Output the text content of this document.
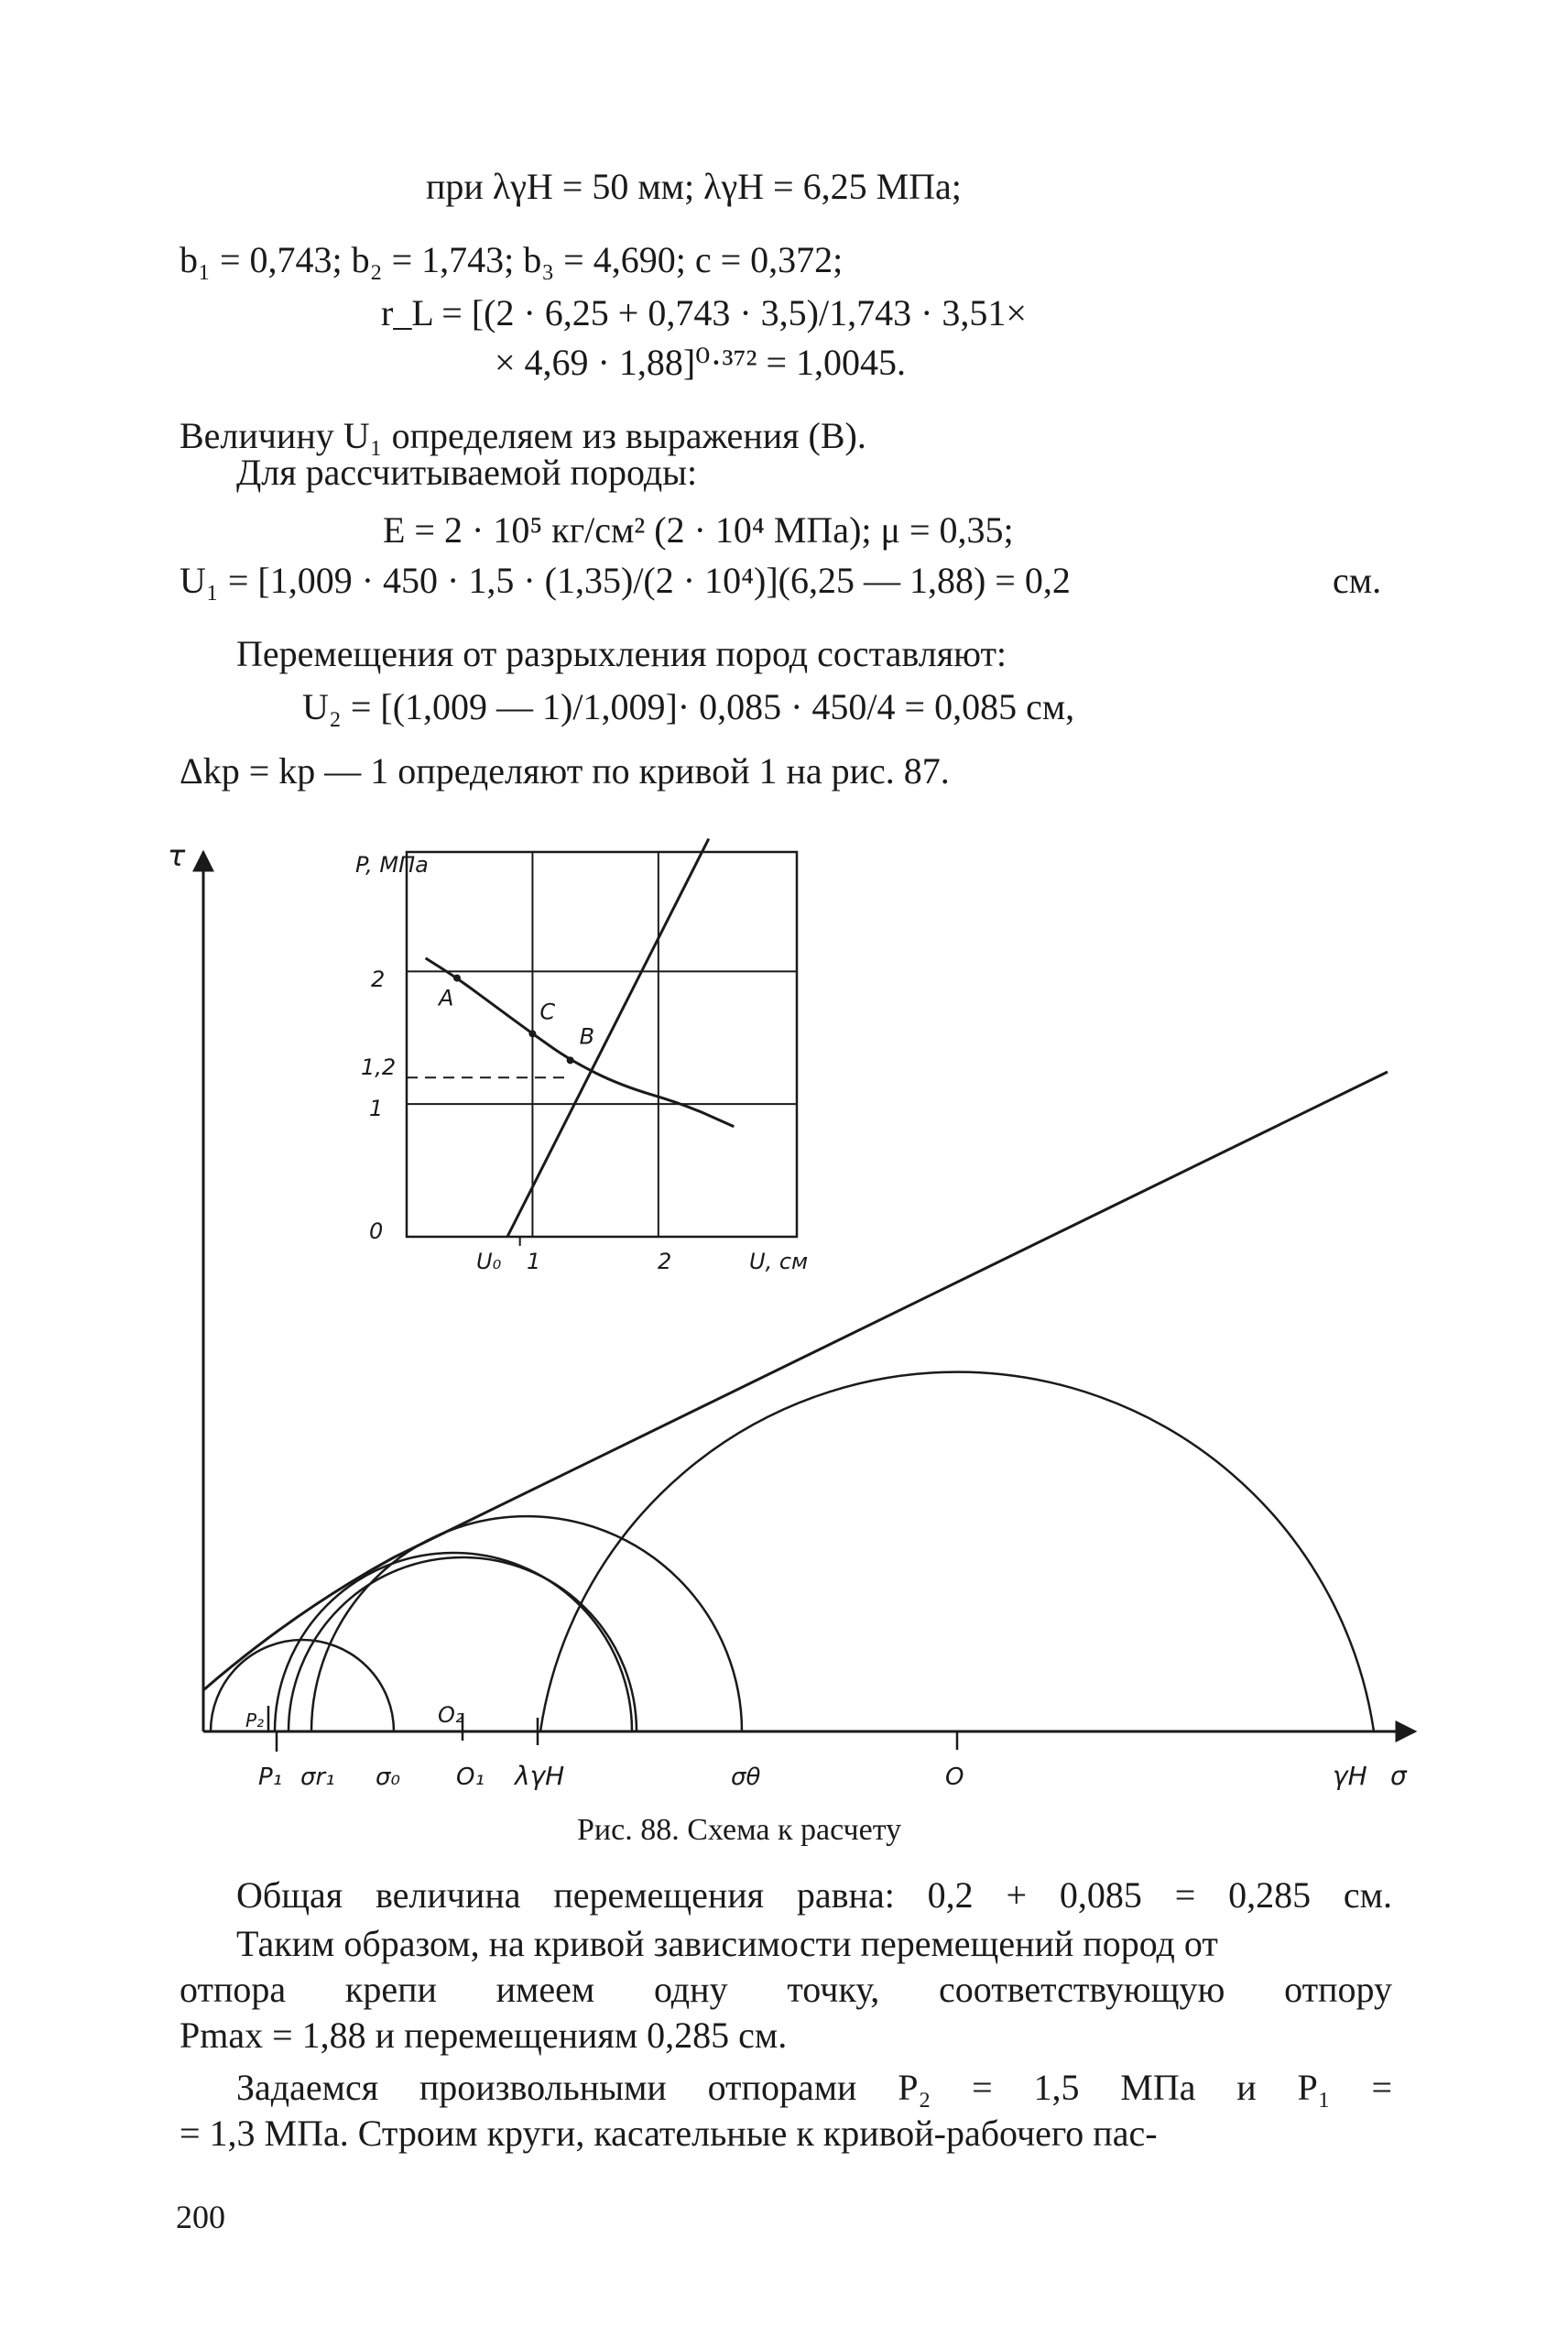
при λγH = 50 мм; λγH = 6,25 МПа;
b₁ = 0,743; b₂ = 1,743; b₃ = 4,690; c = 0,372;
r_L = [(2 · 6,25 + 0,743 · 3,5)/1,743 · 3,51×
× 4,69 · 1,88]⁰·³⁷² = 1,0045.
Величину U₁ определяем из выражения (В).
Для рассчитываемой породы:
E = 2 · 10⁵ кг/см² (2 · 10⁴ МПа); μ = 0,35;
U₁ = [1,009 · 450 · 1,5 · (1,35)/(2 · 10⁴)](6,25 — 1,88) = 0,2	см.
Перемещения от разрыхления пород составляют:
U₂ = [(1,009 — 1)/1,009]· 0,085 · 450/4 = 0,085 см,
Δkр = kр — 1 определяют по кривой 1 на рис. 87.
τ
P₂	O₂
P₁ σr₁ σ₀ O₁ λγH	σθ	O	γH σ
A
C
B
P, МПа
2
1,2
1
0
U₀ 1	2	U, см
Рис. 88. Схема к расчету
Общая величина перемещения равна: 0,2 + 0,085 = 0,285 см.
Таким образом, на кривой зависимости перемещений пород от
отпора крепи имеем одну точку, соответствующую отпору
Pmax = 1,88 и перемещениям 0,285 см.
Задаемся произвольными отпорами P₂ = 1,5 МПа и P₁ =
= 1,3 МПа. Строим круги, касательные к кривой-рабочего пас-
200
